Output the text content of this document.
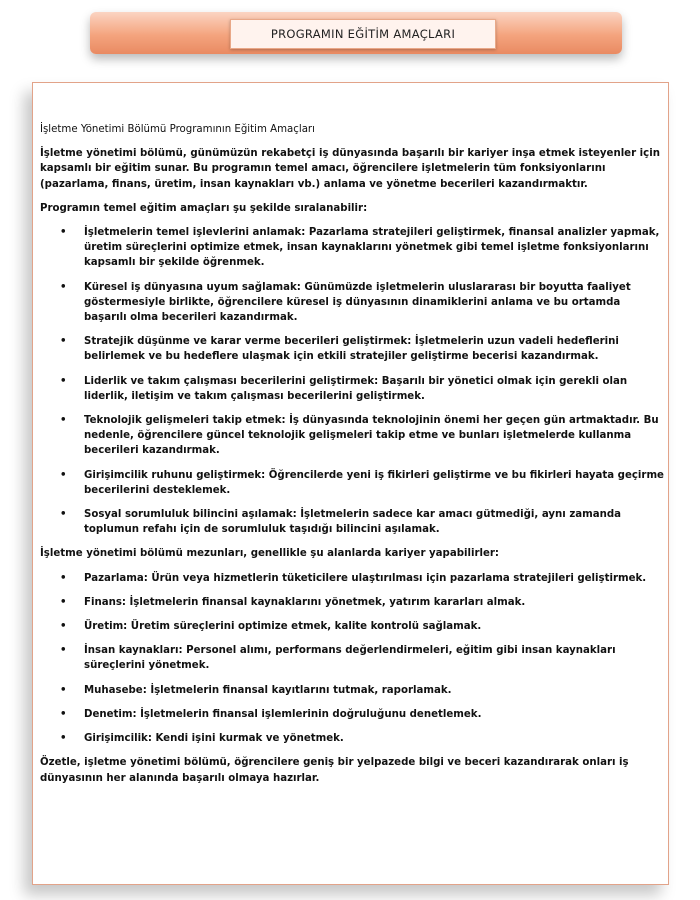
PROGRAMIN EĞİTİM AMAÇLARI

İşletme Yönetimi Bölümü Programının Eğitim Amaçları

İşletme yönetimi bölümü, günümüzün rekabetçi iş dünyasında başarılı bir kariyer inşa etmek isteyenler için kapsamlı bir eğitim sunar. Bu programın temel amacı, öğrencilere işletmelerin tüm fonksiyonlarını (pazarlama, finans, üretim, insan kaynakları vb.) anlama ve yönetme becerileri kazandırmaktır.

Programın temel eğitim amaçları şu şekilde sıralanabilir:

• İşletmelerin temel işlevlerini anlamak: Pazarlama stratejileri geliştirmek, finansal analizler yapmak, üretim süreçlerini optimize etmek, insan kaynaklarını yönetmek gibi temel işletme fonksiyonlarını kapsamlı bir şekilde öğrenmek.
• Küresel iş dünyasına uyum sağlamak: Günümüzde işletmelerin uluslararası bir boyutta faaliyet göstermesiyle birlikte, öğrencilere küresel iş dünyasının dinamiklerini anlama ve bu ortamda başarılı olma becerileri kazandırmak.
• Stratejik düşünme ve karar verme becerileri geliştirmek: İşletmelerin uzun vadeli hedeflerini belirlemek ve bu hedeflere ulaşmak için etkili stratejiler geliştirme becerisi kazandırmak.
• Liderlik ve takım çalışması becerilerini geliştirmek: Başarılı bir yönetici olmak için gerekli olan liderlik, iletişim ve takım çalışması becerilerini geliştirmek.
• Teknolojik gelişmeleri takip etmek: İş dünyasında teknolojinin önemi her geçen gün artmaktadır. Bu nedenle, öğrencilere güncel teknolojik gelişmeleri takip etme ve bunları işletmelerde kullanma becerileri kazandırmak.
• Girişimcilik ruhunu geliştirmek: Öğrencilerde yeni iş fikirleri geliştirme ve bu fikirleri hayata geçirme becerilerini desteklemek.
• Sosyal sorumluluk bilincini aşılamak: İşletmelerin sadece kar amacı gütmediği, aynı zamanda toplumun refahı için de sorumluluk taşıdığı bilincini aşılamak.

İşletme yönetimi bölümü mezunları, genellikle şu alanlarda kariyer yapabilirler:

• Pazarlama: Ürün veya hizmetlerin tüketicilere ulaştırılması için pazarlama stratejileri geliştirmek.
• Finans: İşletmelerin finansal kaynaklarını yönetmek, yatırım kararları almak.
• Üretim: Üretim süreçlerini optimize etmek, kalite kontrolü sağlamak.
• İnsan kaynakları: Personel alımı, performans değerlendirmeleri, eğitim gibi insan kaynakları süreçlerini yönetmek.
• Muhasebe: İşletmelerin finansal kayıtlarını tutmak, raporlamak.
• Denetim: İşletmelerin finansal işlemlerinin doğruluğunu denetlemek.
• Girişimcilik: Kendi işini kurmak ve yönetmek.

Özetle, işletme yönetimi bölümü, öğrencilere geniş bir yelpazede bilgi ve beceri kazandırarak onları iş dünyasının her alanında başarılı olmaya hazırlar.
